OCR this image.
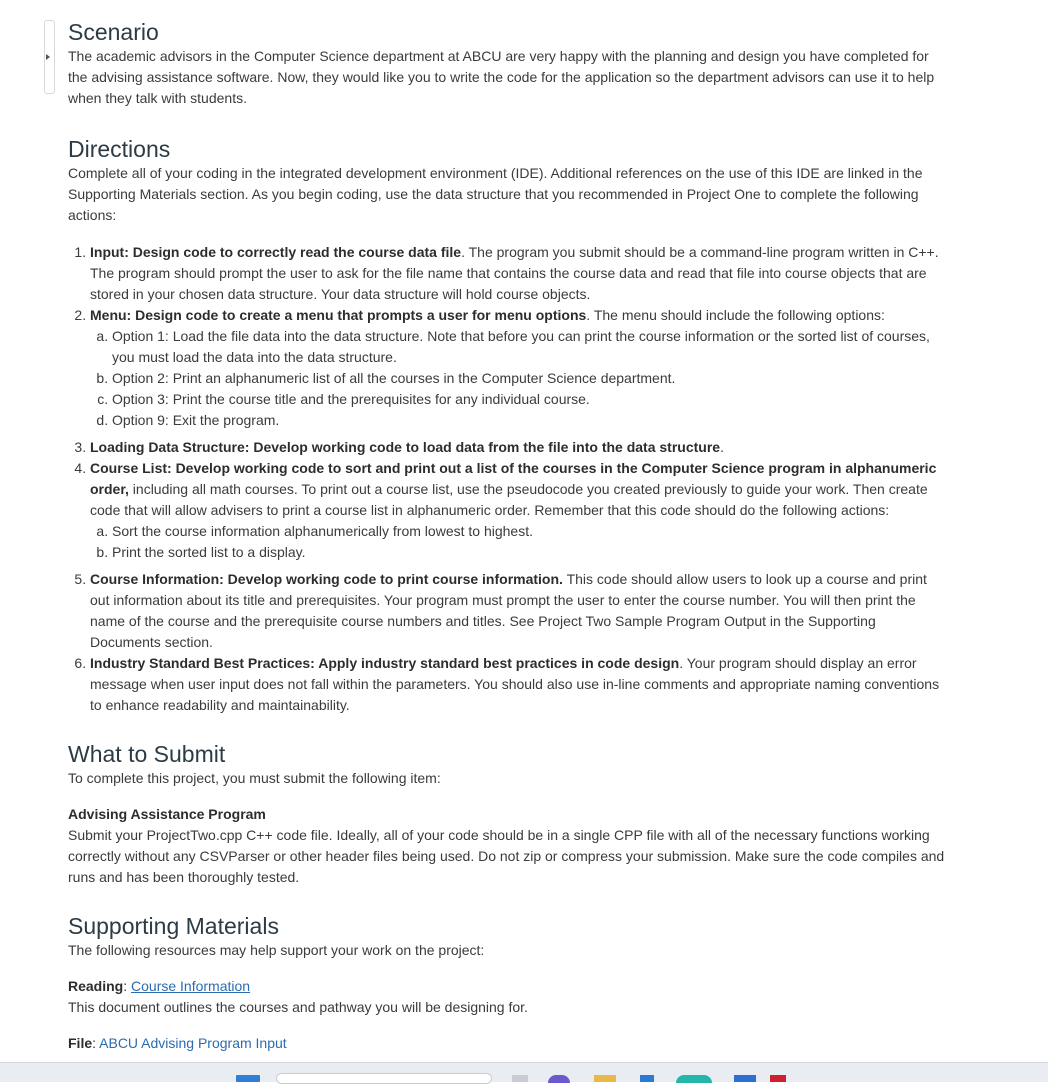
Scenario

The academic advisors in the Computer Science department at ABCU are very happy with the planning and design you have completed for the advising assistance software. Now, they would like you to write the code for the application so the department advisors can use it to help when they talk with students.

Directions

Complete all of your coding in the integrated development environment (IDE). Additional references on the use of this IDE are linked in the Supporting Materials section. As you begin coding, use the data structure that you recommended in Project One to complete the following actions:

1. Input: Design code to correctly read the course data file. The program you submit should be a command-line program written in C++. The program should prompt the user to ask for the file name that contains the course data and read that file into course objects that are stored in your chosen data structure. Your data structure will hold course objects.
2. Menu: Design code to create a menu that prompts a user for menu options. The menu should include the following options:
a. Option 1: Load the file data into the data structure. Note that before you can print the course information or the sorted list of courses, you must load the data into the data structure.
b. Option 2: Print an alphanumeric list of all the courses in the Computer Science department.
c. Option 3: Print the course title and the prerequisites for any individual course.
d. Option 9: Exit the program.
3. Loading Data Structure: Develop working code to load data from the file into the data structure.
4. Course List: Develop working code to sort and print out a list of the courses in the Computer Science program in alphanumeric order, including all math courses. To print out a course list, use the pseudocode you created previously to guide your work. Then create code that will allow advisers to print a course list in alphanumeric order. Remember that this code should do the following actions:
a. Sort the course information alphanumerically from lowest to highest.
b. Print the sorted list to a display.
5. Course Information: Develop working code to print course information. This code should allow users to look up a course and print out information about its title and prerequisites. Your program must prompt the user to enter the course number. You will then print the name of the course and the prerequisite course numbers and titles. See Project Two Sample Program Output in the Supporting Documents section.
6. Industry Standard Best Practices: Apply industry standard best practices in code design. Your program should display an error message when user input does not fall within the parameters. You should also use in-line comments and appropriate naming conventions to enhance readability and maintainability.
What to Submit

To complete this project, you must submit the following item:

Advising Assistance Program

Submit your ProjectTwo.cpp C++ code file. Ideally, all of your code should be in a single CPP file with all of the necessary functions working correctly without any CSVParser or other header files being used. Do not zip or compress your submission. Make sure the code compiles and runs and has been thoroughly tested.

Supporting Materials

The following resources may help support your work on the project:

Reading: Course Information

This document outlines the courses and pathway you will be designing for.

File: ABCU Advising Program Input
